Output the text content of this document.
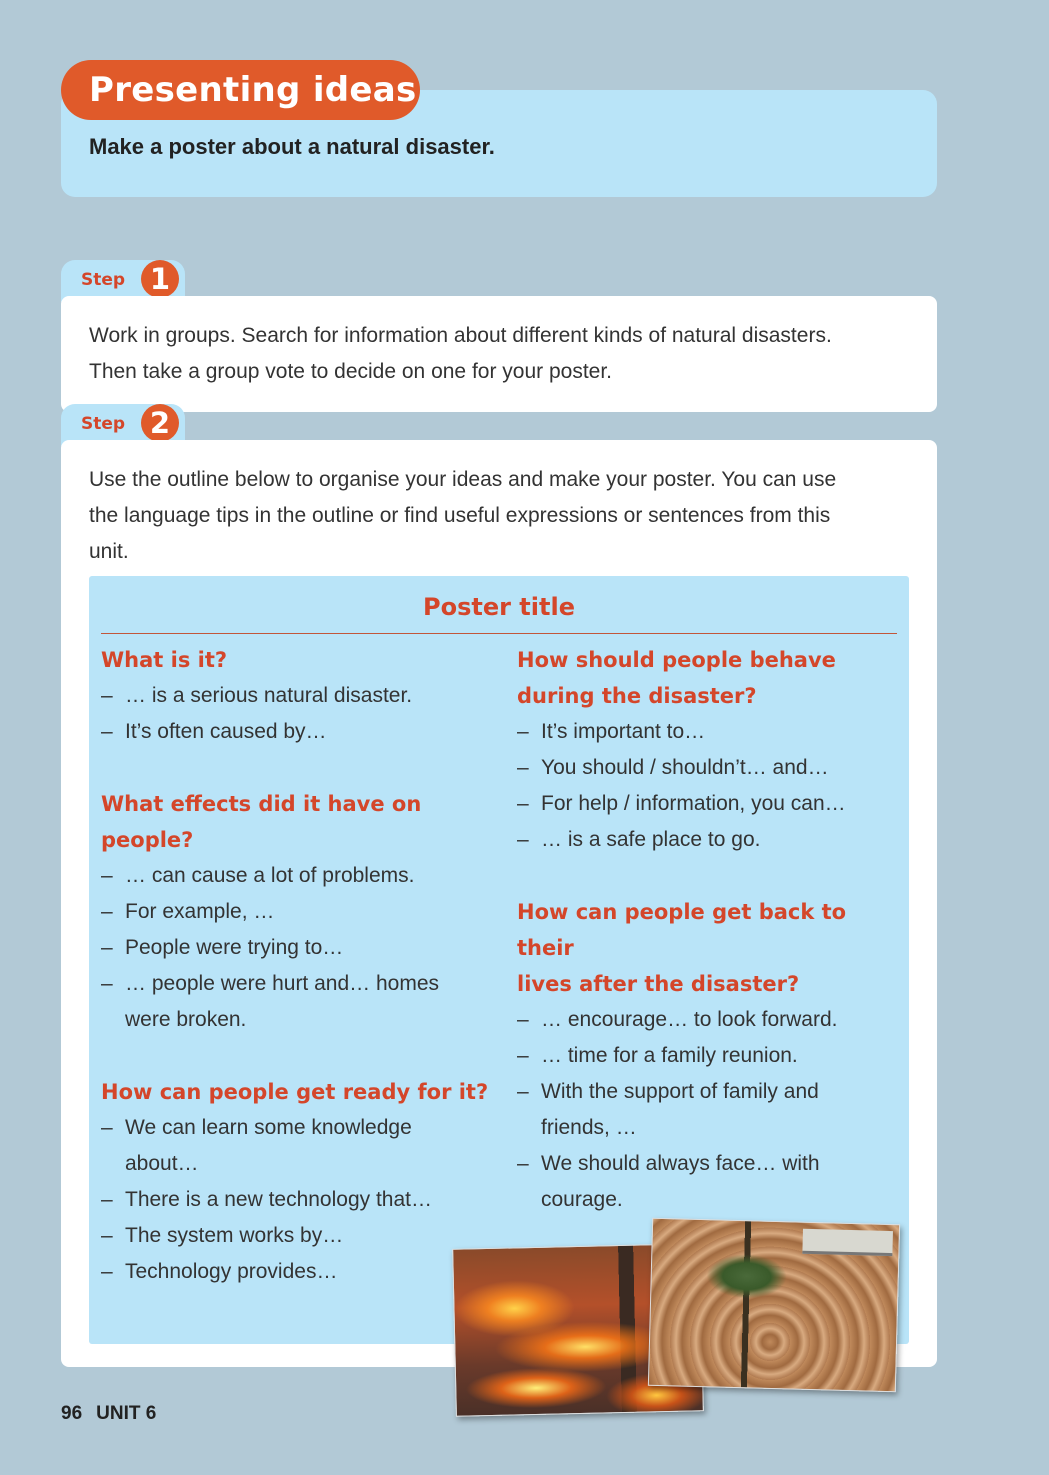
Presenting ideas
Make a poster about a natural disaster.
Step 1
Work in groups. Search for information about different kinds of natural disasters.
Then take a group vote to decide on one for your poster.
Step 2
Use the outline below to organise your ideas and make your poster. You can use
the language tips in the outline or find useful expressions or sentences from this
unit.
Poster title
What is it?
– … is a serious natural disaster.
– It’s often caused by…
What effects did it have on
people?
– … can cause a lot of problems.
– For example, …
– People were trying to…
– … people were hurt and… homes
were broken.
How can people get ready for it?
– We can learn some knowledge
about…
– There is a new technology that…
– The system works by…
– Technology provides…
How should people behave
during the disaster?
– It’s important to…
– You should / shouldn’t… and…
– For help / information, you can…
– … is a safe place to go.
How can people get back to their
lives after the disaster?
– … encourage… to look forward.
– … time for a family reunion.
– With the support of family and
friends, …
– We should always face… with
courage.
96 UNIT 6
